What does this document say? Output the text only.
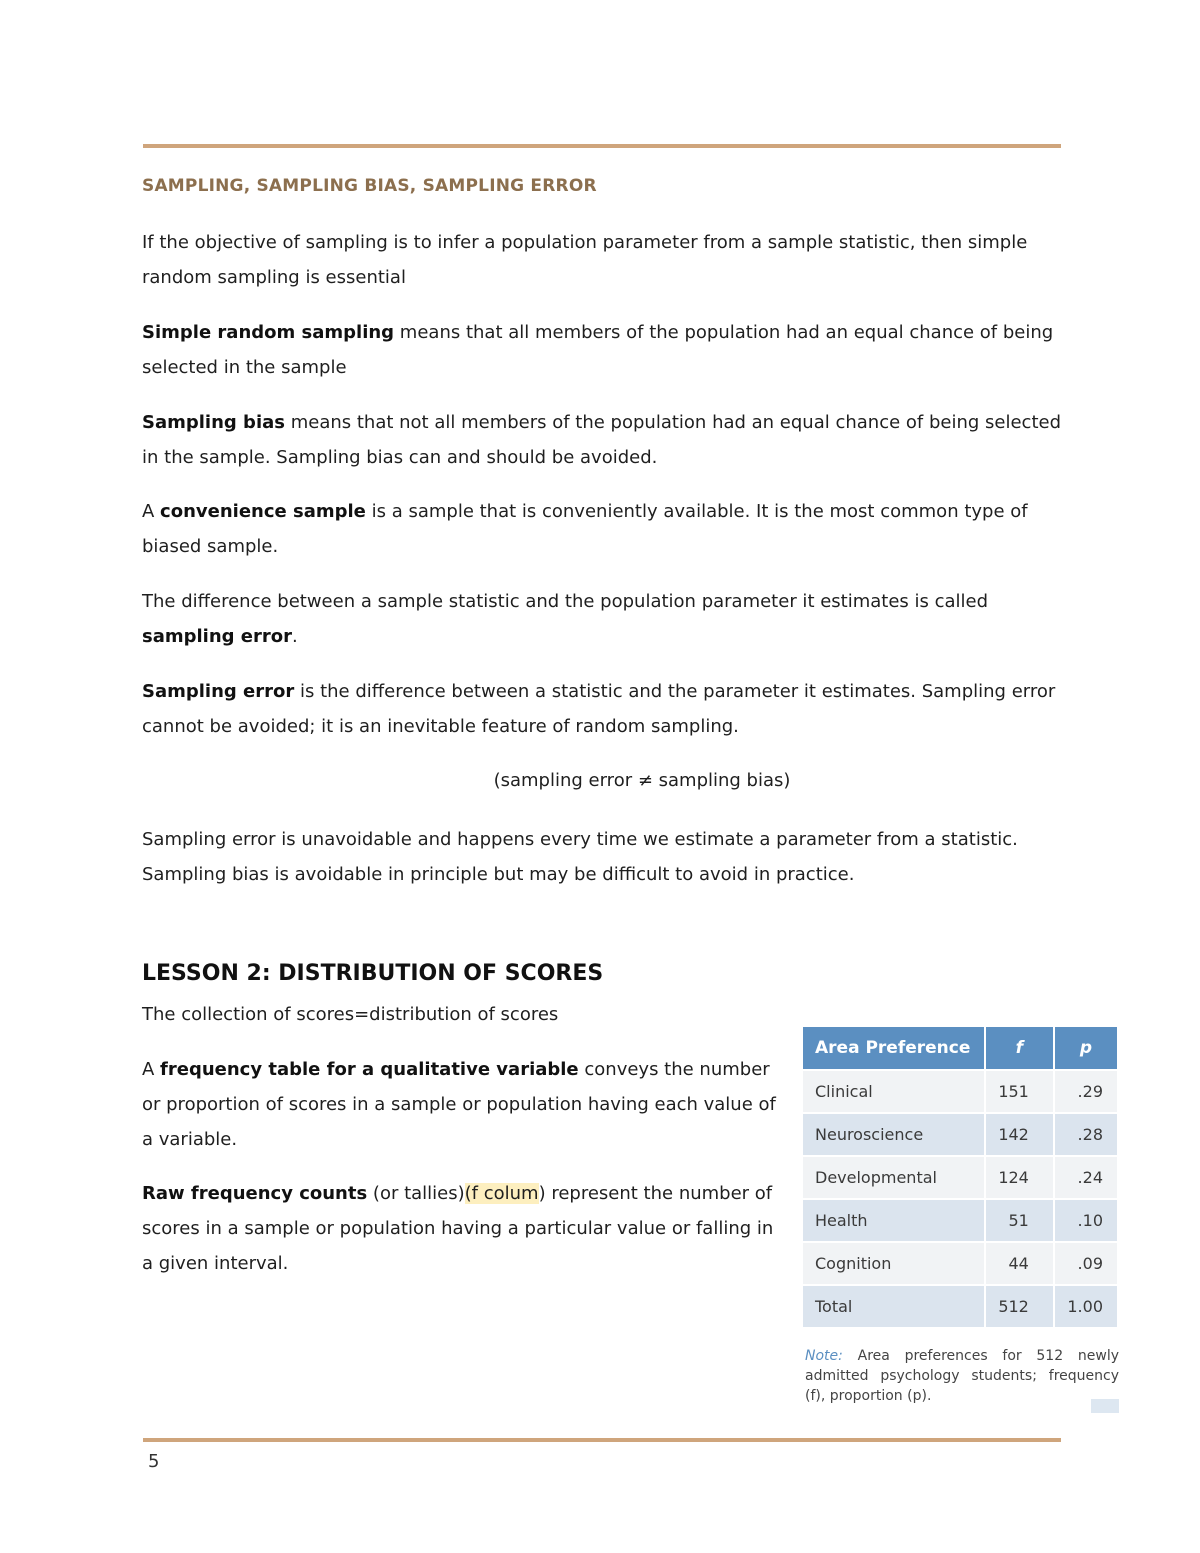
SAMPLING, SAMPLING BIAS, SAMPLING ERROR
If the objective of sampling is to infer a population parameter from a sample statistic, then simple random sampling is essential
Simple random sampling means that all members of the population had an equal chance of being selected in the sample
Sampling bias means that not all members of the population had an equal chance of being selected in the sample. Sampling bias can and should be avoided.
A convenience sample is a sample that is conveniently available. It is the most common type of biased sample.
The difference between a sample statistic and the population parameter it estimates is called sampling error.
Sampling error is the difference between a statistic and the parameter it estimates. Sampling error cannot be avoided; it is an inevitable feature of random sampling.
(sampling error ≠ sampling bias)
Sampling error is unavoidable and happens every time we estimate a parameter from a statistic. Sampling bias is avoidable in principle but may be difficult to avoid in practice.
LESSON 2: DISTRIBUTION OF SCORES
The collection of scores=distribution of scores
A frequency table for a qualitative variable conveys the number or proportion of scores in a sample or population having each value of a variable.
Raw frequency counts (or tallies)(f colum) represent the number of scores in a sample or population having a particular value or falling in a given interval.
Area Preference	f	p
Clinical	151	.29
Neuroscience	142	.28
Developmental	124	.24
Health	51	.10
Cognition	44	.09
Total	512	1.00
Note: Area preferences for 512 newly admitted psychology students; frequency (f), proportion (p).
5
